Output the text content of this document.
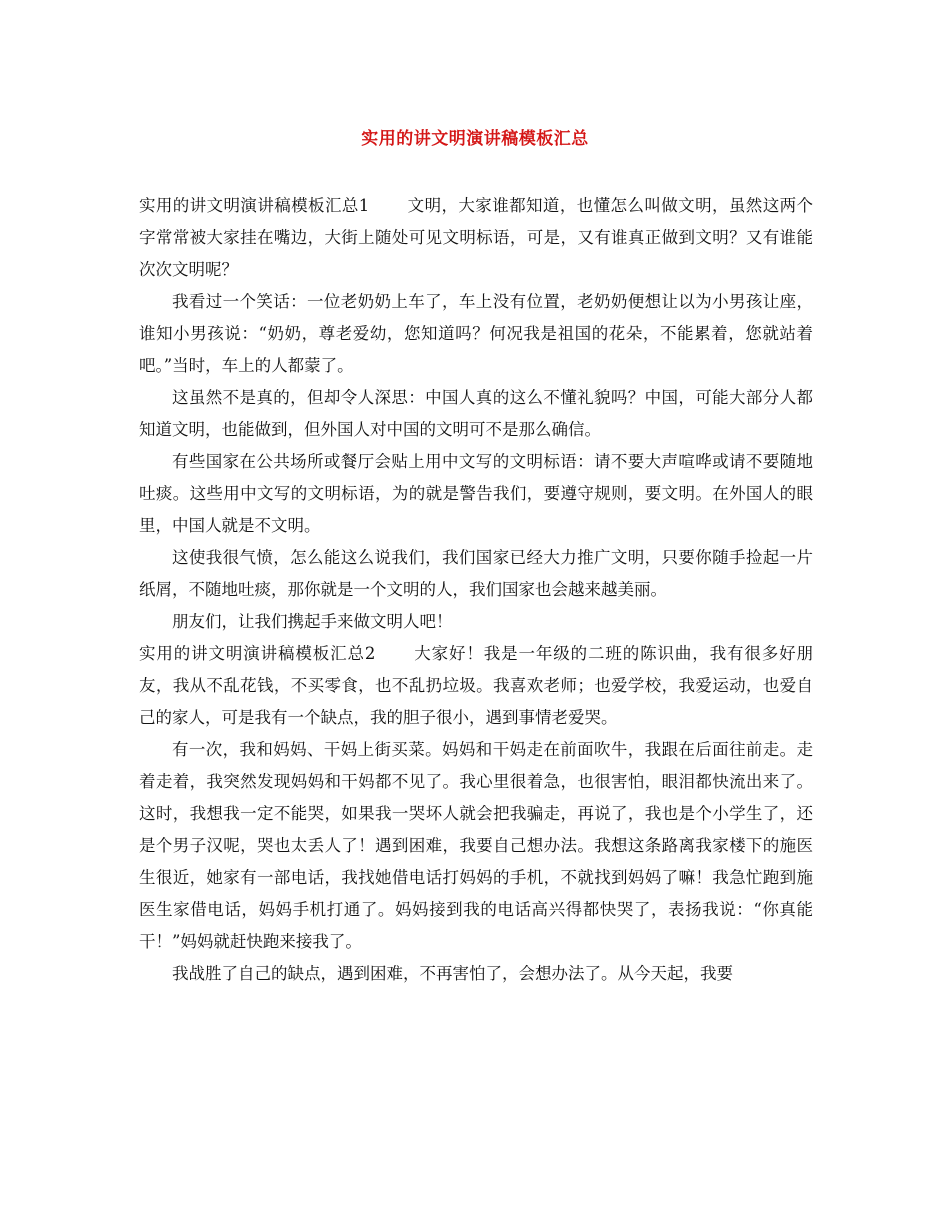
实用的讲文明演讲稿模板汇总

实用的讲文明演讲稿模板汇总1 文明，大家谁都知道，也懂怎么叫做文明，虽然这两个字常常被大家挂在嘴边，大街上随处可见文明标语，可是，又有谁真正做到文明？又有谁能次次文明呢？

我看过一个笑话：一位老奶奶上车了，车上没有位置，老奶奶便想让以为小男孩让座，谁知小男孩说：“奶奶，尊老爱幼，您知道吗？何况我是祖国的花朵，不能累着，您就站着吧。”当时，车上的人都蒙了。

这虽然不是真的，但却令人深思：中国人真的这么不懂礼貌吗？中国，可能大部分人都知道文明，也能做到，但外国人对中国的文明可不是那么确信。

有些国家在公共场所或餐厅会贴上用中文写的文明标语：请不要大声喧哗或请不要随地吐痰。这些用中文写的文明标语，为的就是警告我们，要遵守规则，要文明。在外国人的眼里，中国人就是不文明。

这使我很气愤，怎么能这么说我们，我们国家已经大力推广文明，只要你随手捡起一片纸屑，不随地吐痰，那你就是一个文明的人，我们国家也会越来越美丽。

朋友们，让我们携起手来做文明人吧！

实用的讲文明演讲稿模板汇总2 大家好！我是一年级的二班的陈识曲，我有很多好朋友，我从不乱花钱，不买零食，也不乱扔垃圾。我喜欢老师；也爱学校，我爱运动，也爱自己的家人，可是我有一个缺点，我的胆子很小，遇到事情老爱哭。

有一次，我和妈妈、干妈上街买菜。妈妈和干妈走在前面吹牛，我跟在后面往前走。走着走着，我突然发现妈妈和干妈都不见了。我心里很着急，也很害怕，眼泪都快流出来了。这时，我想我一定不能哭，如果我一哭坏人就会把我骗走，再说了，我也是个小学生了，还是个男子汉呢，哭也太丢人了！遇到困难，我要自己想办法。我想这条路离我家楼下的施医生很近，她家有一部电话，我找她借电话打妈妈的手机，不就找到妈妈了嘛！我急忙跑到施医生家借电话，妈妈手机打通了。妈妈接到我的电话高兴得都快哭了，表扬我说：“你真能干！”妈妈就赶快跑来接我了。

我战胜了自己的缺点，遇到困难，不再害怕了，会想办法了。从今天起，我要
